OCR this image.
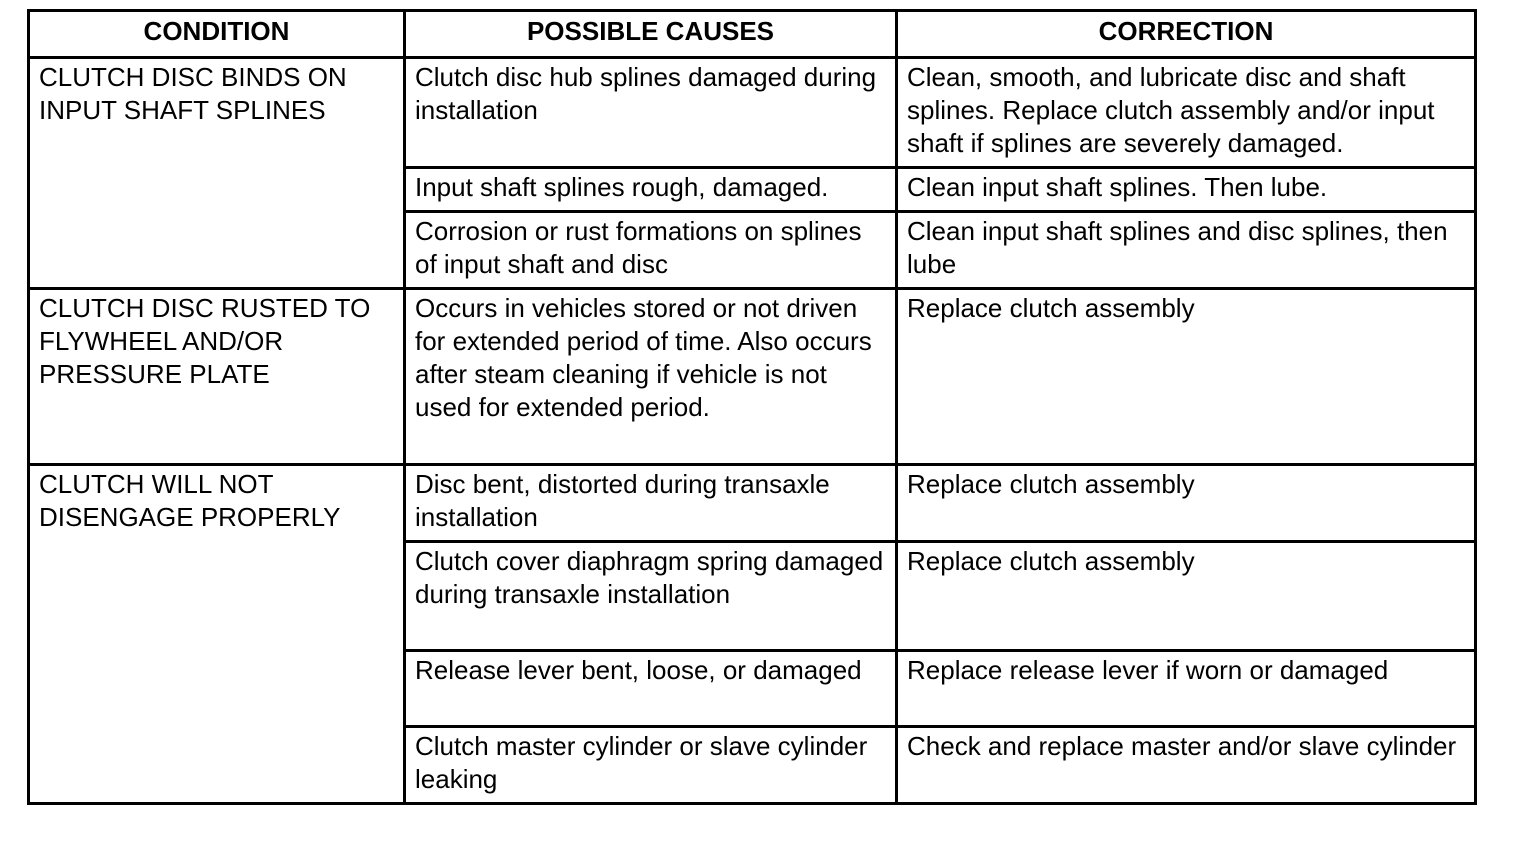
CONDITION	POSSIBLE CAUSES	CORRECTION
CLUTCH DISC BINDS ON INPUT SHAFT SPLINES	Clutch disc hub splines damaged during installation	Clean, smooth, and lubricate disc and shaft splines. Replace clutch assembly and/or input shaft if splines are severely damaged.
	Input shaft splines rough, damaged.	Clean input shaft splines. Then lube.
	Corrosion or rust formations on splines of input shaft and disc	Clean input shaft splines and disc splines, then lube
CLUTCH DISC RUSTED TO FLYWHEEL AND/OR PRESSURE PLATE	Occurs in vehicles stored or not driven for extended period of time. Also occurs after steam cleaning if vehicle is not used for extended period.	Replace clutch assembly
CLUTCH WILL NOT DISENGAGE PROPERLY	Disc bent, distorted during transaxle installation	Replace clutch assembly
	Clutch cover diaphragm spring damaged during transaxle installation	Replace clutch assembly
	Release lever bent, loose, or damaged	Replace release lever if worn or damaged
	Clutch master cylinder or slave cylinder leaking	Check and replace master and/or slave cylinder
